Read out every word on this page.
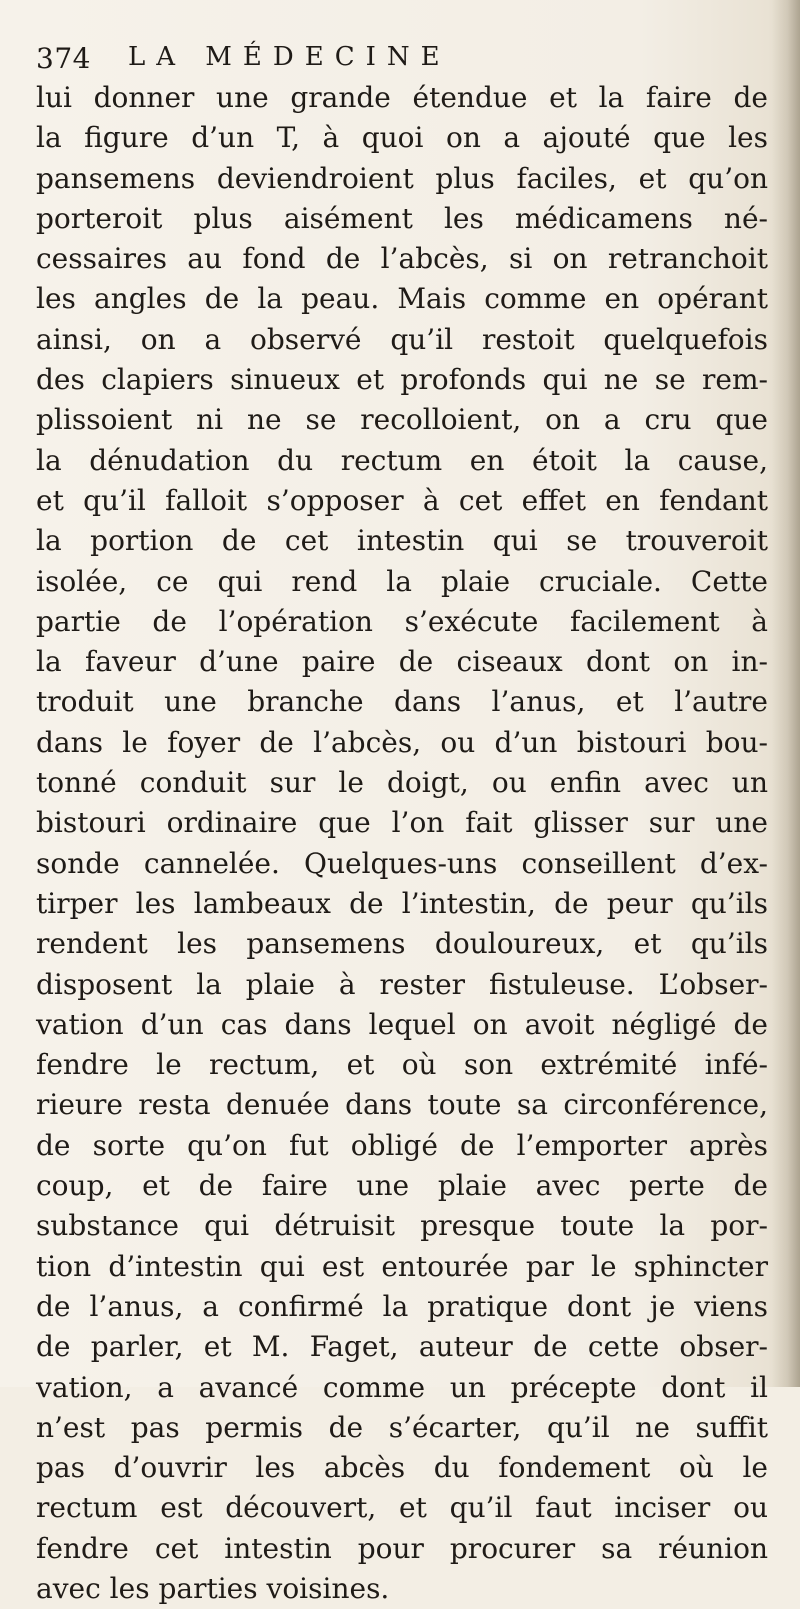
374 LA MÉDECINE
lui donner une grande étendue et la faire de
la figure d’un T, à quoi on a ajouté que les
pansemens deviendroient plus faciles, et qu’on
porteroit plus aisément les médicamens né-
cessaires au fond de l’abcès, si on retranchoit
les angles de la peau. Mais comme en opérant
ainsi, on a observé qu’il restoit quelquefois
des clapiers sinueux et profonds qui ne se rem-
plissoient ni ne se recolloient, on a cru que
la dénudation du rectum en étoit la cause,
et qu’il falloit s’opposer à cet effet en fendant
la portion de cet intestin qui se trouveroit
isolée, ce qui rend la plaie cruciale. Cette
partie de l’opération s’exécute facilement à
la faveur d’une paire de ciseaux dont on in-
troduit une branche dans l’anus, et l’autre
dans le foyer de l’abcès, ou d’un bistouri bou-
tonné conduit sur le doigt, ou enfin avec un
bistouri ordinaire que l’on fait glisser sur une
sonde cannelée. Quelques-uns conseillent d’ex-
tirper les lambeaux de l’intestin, de peur qu’ils
rendent les pansemens douloureux, et qu’ils
disposent la plaie à rester fistuleuse. L’obser-
vation d’un cas dans lequel on avoit négligé de
fendre le rectum, et où son extrémité infé-
rieure resta denuée dans toute sa circonférence,
de sorte qu’on fut obligé de l’emporter après
coup, et de faire une plaie avec perte de
substance qui détruisit presque toute la por-
tion d’intestin qui est entourée par le sphincter
de l’anus, a confirmé la pratique dont je viens
de parler, et M. Faget, auteur de cette obser-
vation, a avancé comme un précepte dont il
n’est pas permis de s’écarter, qu’il ne suffit
pas d’ouvrir les abcès du fondement où le
rectum est découvert, et qu’il faut inciser ou
fendre cet intestin pour procurer sa réunion
avec les parties voisines.
